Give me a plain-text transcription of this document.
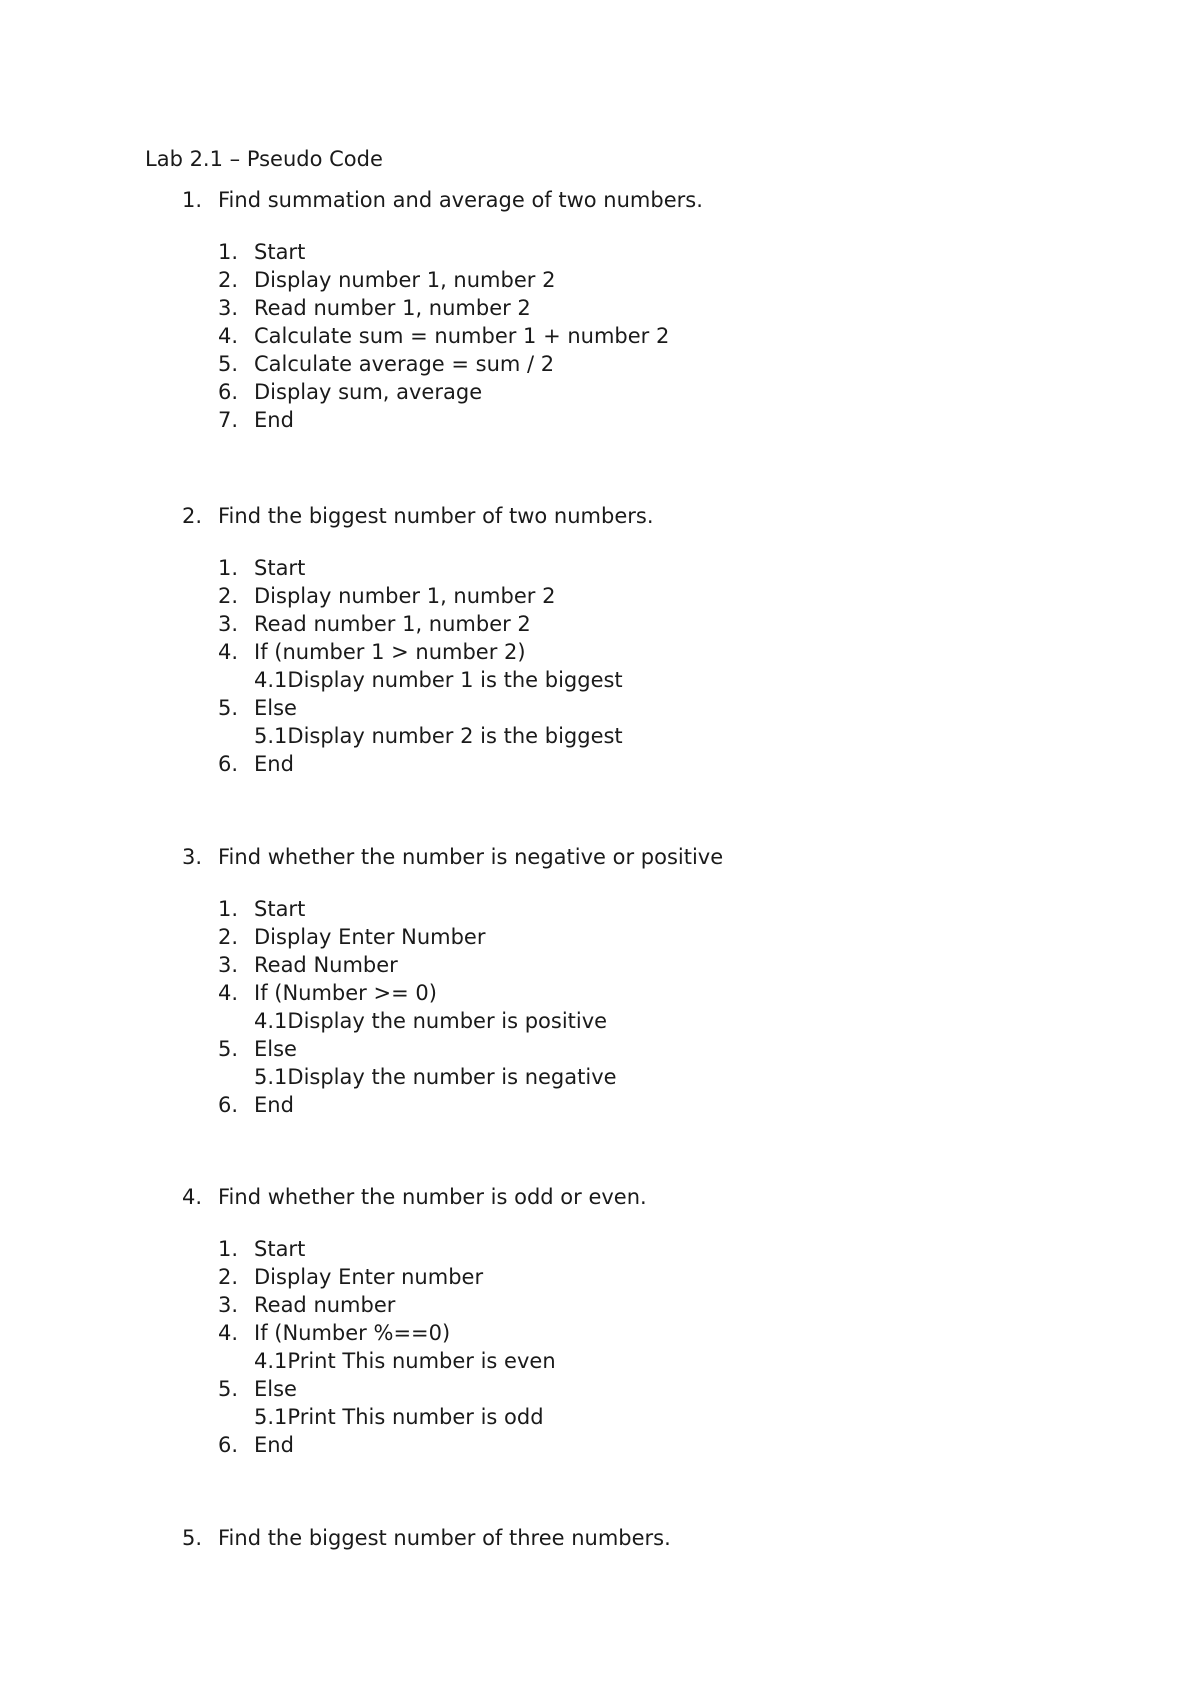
Lab 2.1 – Pseudo Code
1. Find summation and average of two numbers.
1. Start
2. Display number 1, number 2
3. Read number 1, number 2
4. Calculate sum = number 1 + number 2
5. Calculate average = sum / 2
6. Display sum, average
7. End
2. Find the biggest number of two numbers.
1. Start
2. Display number 1, number 2
3. Read number 1, number 2
4. If (number 1 > number 2)
4.1Display number 1 is the biggest
5. Else
5.1Display number 2 is the biggest
6. End
3. Find whether the number is negative or positive
1. Start
2. Display Enter Number
3. Read Number
4. If (Number >= 0)
4.1Display the number is positive
5. Else
5.1Display the number is negative
6. End
4. Find whether the number is odd or even.
1. Start
2. Display Enter number
3. Read number
4. If (Number %==0)
4.1Print This number is even
5. Else
5.1Print This number is odd
6. End
5. Find the biggest number of three numbers.
